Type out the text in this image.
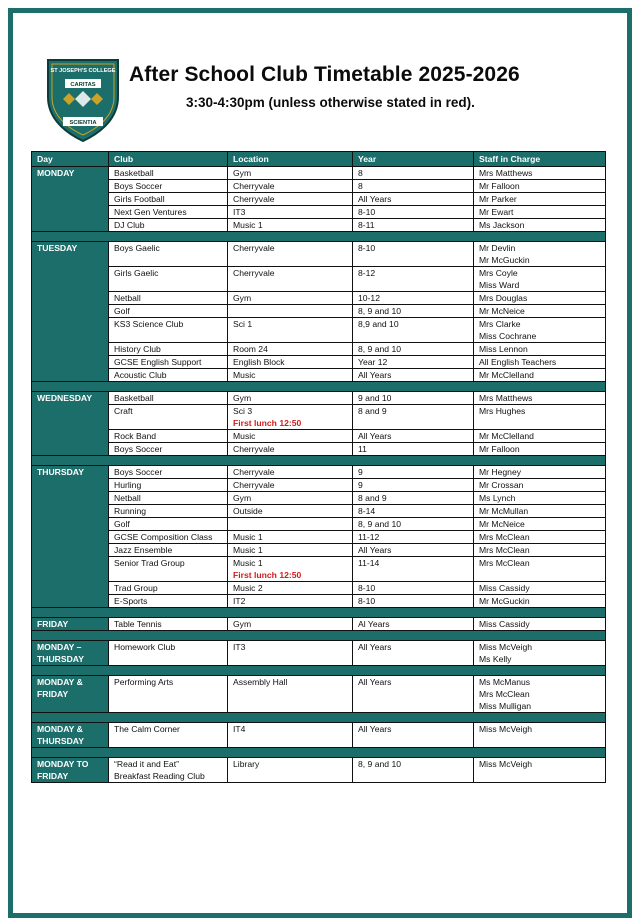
ST JOSEPH'S COLLEGE
CARITAS
SCIENTIA
After School Club Timetable 2025-2026
3:30-4:30pm (unless otherwise stated in red).
Day	Club	Location	Year	Staff in Charge
MONDAY	Basketball	Gym	8	Mrs Matthews

	Boys Soccer	Cherryvale	8	Mr Falloon

	Girls Football	Cherryvale	All Years	Mr Parker

	Next Gen Ventures	IT3	8-10	Mr Ewart

	DJ Club	Music 1	8-11	Ms Jackson

TUESDAY	Boys Gaelic	Cherryvale	8-10	Mr Devlin
Mr McGuckin

	Girls Gaelic	Cherryvale	8-12	Mrs Coyle
Miss Ward

	Netball	Gym	10-12	Mrs Douglas

	Golf		8, 9 and 10	Mr McNeice

	KS3 Science Club	Sci 1	8,9 and 10	Mrs Clarke
Miss Cochrane

	History Club	Room 24	8, 9 and 10	Miss Lennon

	GCSE English Support	English Block	Year 12	All English Teachers

	Acoustic Club	Music	All Years	Mr McClelland

WEDNESDAY	Basketball	Gym	9 and 10	Mrs Matthews

	Craft	Sci 3
First lunch 12:50	8 and 9	Mrs Hughes

	Rock Band	Music	All Years	Mr McClelland

	Boys Soccer	Cherryvale	11	Mr Falloon

THURSDAY	Boys Soccer	Cherryvale	9	Mr Hegney

	Hurling	Cherryvale	9	Mr Crossan

	Netball	Gym	8 and 9	Ms Lynch

	Running	Outside	8-14	Mr McMullan

	Golf		8, 9 and 10	Mr McNeice

	GCSE Composition Class	Music 1	11-12	Mrs McClean

	Jazz Ensemble	Music 1	All Years	Mrs McClean

	Senior Trad Group	Music 1
First lunch 12:50	11-14	Mrs McClean

	Trad Group	Music 2	8-10	Miss Cassidy

	E-Sports	IT2	8-10	Mr McGuckin

FRIDAY	Table Tennis	Gym	Al Years	Miss Cassidy

MONDAY – THURSDAY	Homework Club	IT3	All Years	Miss McVeigh
Ms Kelly

MONDAY & FRIDAY	Performing Arts	Assembly Hall	All Years	Ms McManus
Mrs McClean
Miss Mulligan

MONDAY & THURSDAY	The Calm Corner	IT4	All Years	Miss McVeigh

MONDAY TO FRIDAY	“Read it and Eat”
Breakfast Reading Club	Library	8, 9 and 10	Miss McVeigh
